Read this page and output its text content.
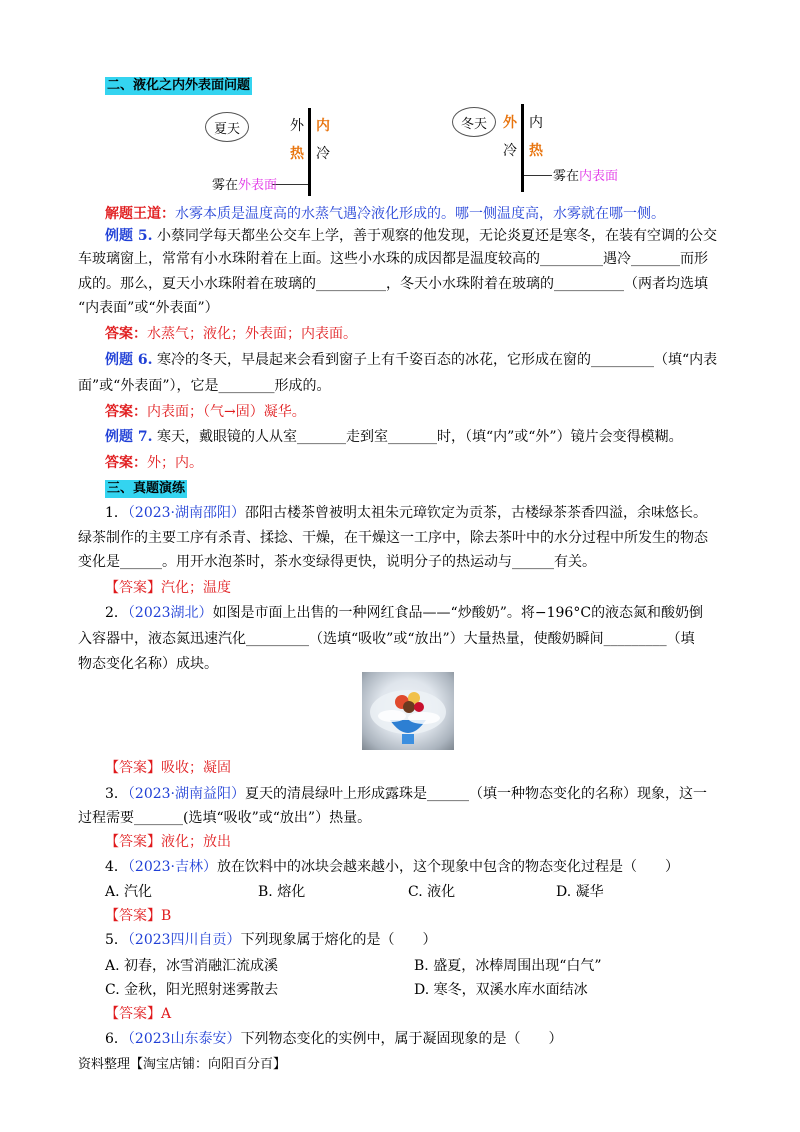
二、液化之内外表面问题
夏天	外 内
热 冷
雾在外表面
冬天	外 内
冷 热
雾在内表面
解题王道：水雾本质是温度高的水蒸气遇冷液化形成的。哪一侧温度高，水雾就在哪一侧。
例题 5. 小蔡同学每天都坐公交车上学，善于观察的他发现，无论炎夏还是寒冬，在装有空调的公交
车玻璃窗上，常常有小水珠附着在上面。这些小水珠的成因都是温度较高的_________遇冷_______而形
成的。那么，夏天小水珠附着在玻璃的__________，冬天小水珠附着在玻璃的__________（两者均选填
“内表面”或“外表面”）
答案：水蒸气；液化；外表面；内表面。
例题 6. 寒冷的冬天，早晨起来会看到窗子上有千姿百态的冰花，它形成在窗的_________（填“内表
面”或“外表面”），它是________形成的。
答案：内表面；（气→固）凝华。
例题 7. 寒天，戴眼镜的人从室_______走到室_______时，（填“内”或“外”）镜片会变得模糊。
答案：外；内。
三、真题演练
1．（2023·湖南邵阳）邵阳古楼茶曾被明太祖朱元璋钦定为贡茶，古楼绿茶茶香四溢，余味悠长。
绿茶制作的主要工序有杀青、揉捻、干燥，在干燥这一工序中，除去茶叶中的水分过程中所发生的物态
变化是______。用开水泡茶时，茶水变绿得更快，说明分子的热运动与______有关。
【答案】汽化；温度
2．（2023湖北）如图是市面上出售的一种网红食品——“炒酸奶”。将−196°C的液态氮和酸奶倒
入容器中，液态氮迅速汽化_________（选填“吸收”或“放出”）大量热量，使酸奶瞬间_________（填
物态变化名称）成块。
【答案】吸收；凝固
3．（2023·湖南益阳）夏天的清晨绿叶上形成露珠是______（填一种物态变化的名称）现象，这一
过程需要_______(选填“吸收”或“放出”）热量。
【答案】液化；放出
4．（2023·吉林）放在饮料中的冰块会越来越小，这个现象中包含的物态变化过程是（　　）
A. 汽化	B. 熔化	C. 液化	D. 凝华
【答案】B
5．（2023四川自贡）下列现象属于熔化的是（　　）
A. 初春，冰雪消融汇流成溪	B. 盛夏，冰棒周围出现“白气”
C. 金秋，阳光照射迷雾散去	D. 寒冬，双溪水库水面结冰
【答案】A
6．（2023山东泰安）下列物态变化的实例中，属于凝固现象的是（　　）
资料整理【淘宝店铺：向阳百分百】
